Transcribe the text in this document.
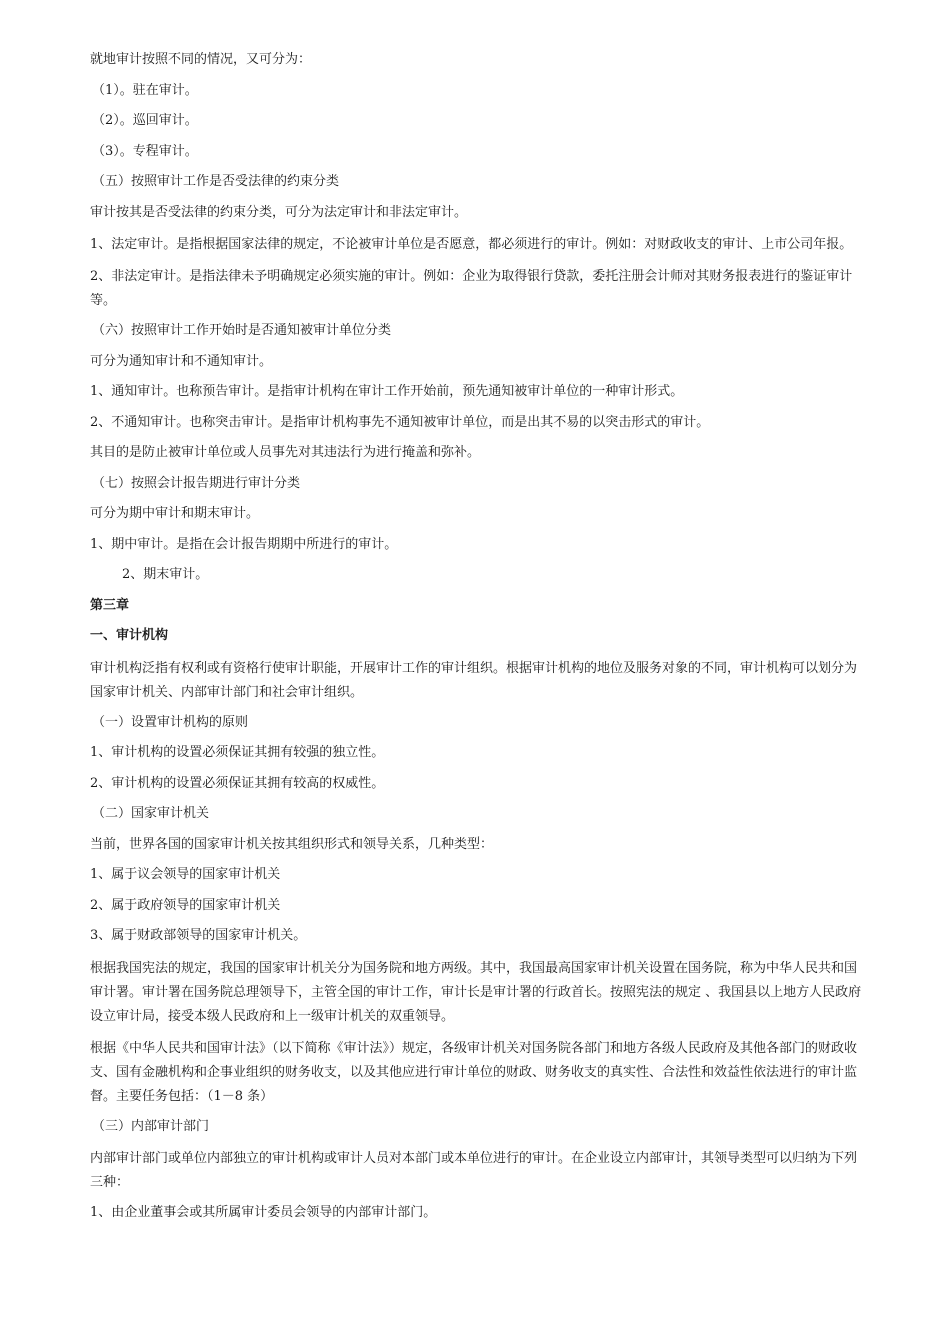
就地审计按照不同的情况，又可分为：

（1）。驻在审计。

（2）。巡回审计。

（3）。专程审计。

（五）按照审计工作是否受法律的约束分类

审计按其是否受法律的约束分类，可分为法定审计和非法定审计。

1、法定审计。是指根据国家法律的规定，不论被审计单位是否愿意，都必须进行的审计。例如：对财政收支的审计、上市公司年报。

2、非法定审计。是指法律未予明确规定必须实施的审计。例如：企业为取得银行贷款，委托注册会计师对其财务报表进行的鉴证审计等。

（六）按照审计工作开始时是否通知被审计单位分类

可分为通知审计和不通知审计。

1、通知审计。也称预告审计。是指审计机构在审计工作开始前，预先通知被审计单位的一种审计形式。

2、不通知审计。也称突击审计。是指审计机构事先不通知被审计单位，而是出其不易的以突击形式的审计。

其目的是防止被审计单位或人员事先对其违法行为进行掩盖和弥补。

（七）按照会计报告期进行审计分类

可分为期中审计和期末审计。

1、期中审计。是指在会计报告期期中所进行的审计。

2、期末审计。

第三章

一、审计机构

审计机构泛指有权利或有资格行使审计职能，开展审计工作的审计组织。根据审计机构的地位及服务对象的不同，审计机构可以划分为国家审计机关、内部审计部门和社会审计组织。

（一）设置审计机构的原则

1、审计机构的设置必须保证其拥有较强的独立性。

2、审计机构的设置必须保证其拥有较高的权威性。

（二）国家审计机关

当前，世界各国的国家审计机关按其组织形式和领导关系，几种类型：

1、属于议会领导的国家审计机关

2、属于政府领导的国家审计机关

3、属于财政部领导的国家审计机关。

根据我国宪法的规定，我国的国家审计机关分为国务院和地方两级。其中，我国最高国家审计机关设置在国务院，称为中华人民共和国审计署。审计署在国务院总理领导下，主管全国的审计工作，审计长是审计署的行政首长。按照宪法的规定 、我国县以上地方人民政府设立审计局，接受本级人民政府和上一级审计机关的双重领导。

根据《中华人民共和国审计法》（以下简称《审计法》）规定，各级审计机关对国务院各部门和地方各级人民政府及其他各部门的财政收支、国有金融机构和企事业组织的财务收支，以及其他应进行审计单位的财政、财务收支的真实性、合法性和效益性依法进行的审计监督。主要任务包括：（1－8 条）

（三）内部审计部门

内部审计部门或单位内部独立的审计机构或审计人员对本部门或本单位进行的审计。在企业设立内部审计，其领导类型可以归纳为下列三种：

1、由企业董事会或其所属审计委员会领导的内部审计部门。
